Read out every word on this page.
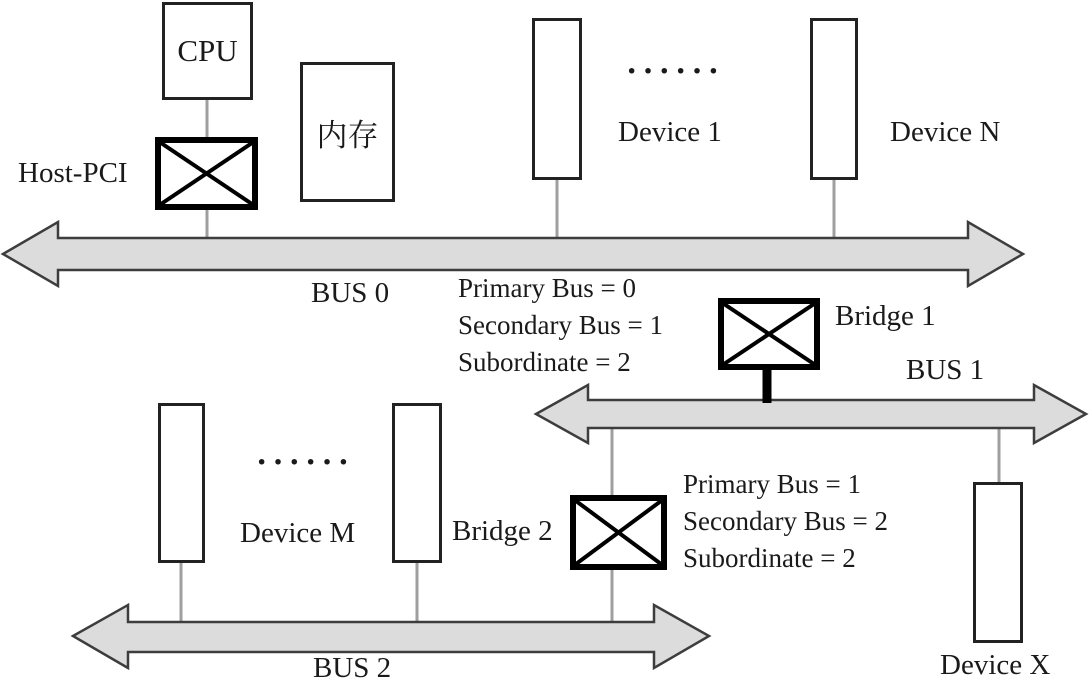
CPU
内存
Host-PCI
······
Device 1	Device N
BUS 0	Primary Bus = 0
Secondary Bus = 1
Subordinate = 2
Bridge 1
BUS 1
Device X
Primary Bus = 1
Secondary Bus = 2
Subordinate = 2
Bridge 2
······
Device M
BUS 2
